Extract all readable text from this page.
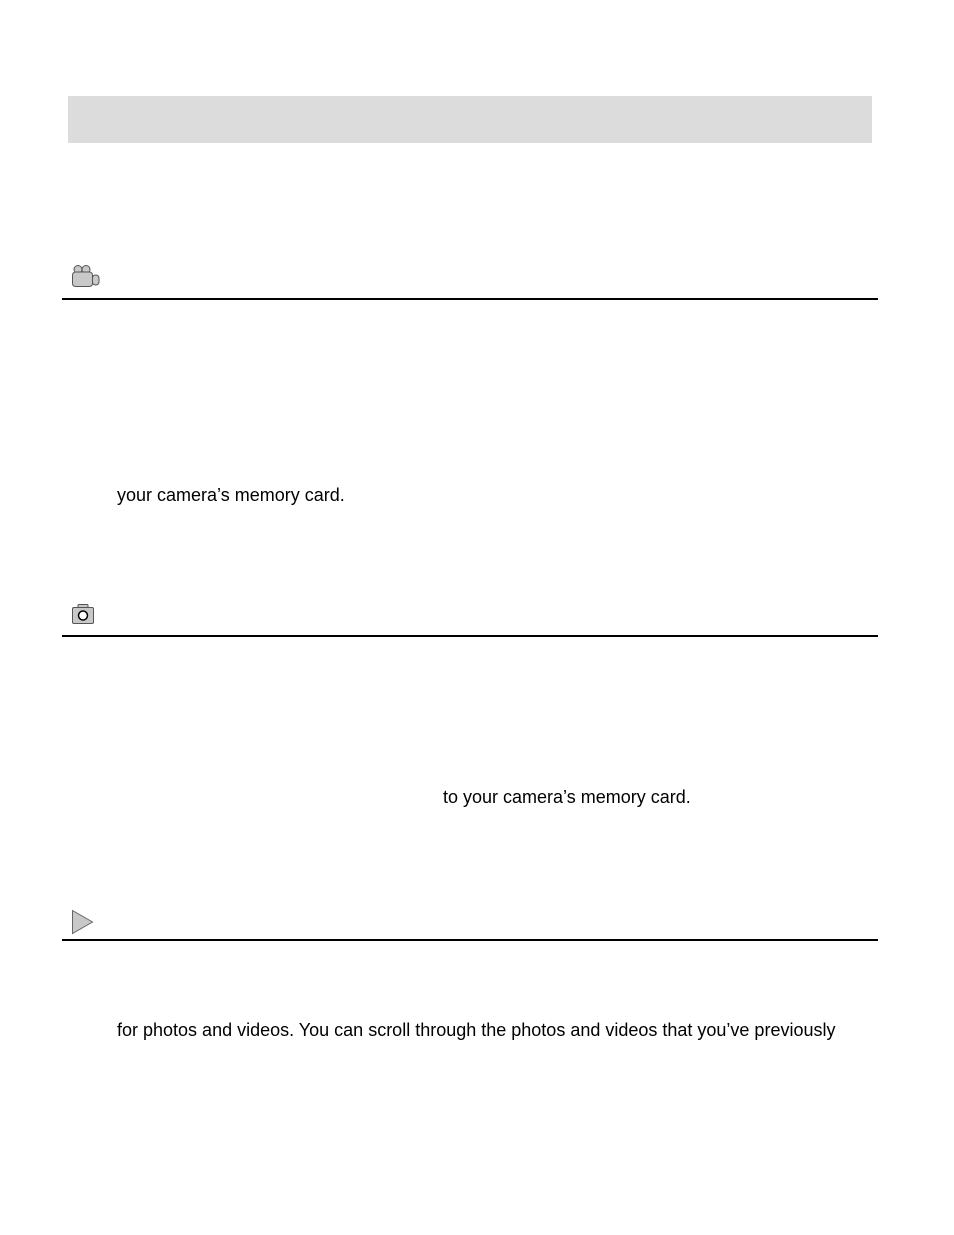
your camera’s memory card.
to your camera’s memory card.
for photos and videos. You can scroll through the photos and videos that you’ve previously
